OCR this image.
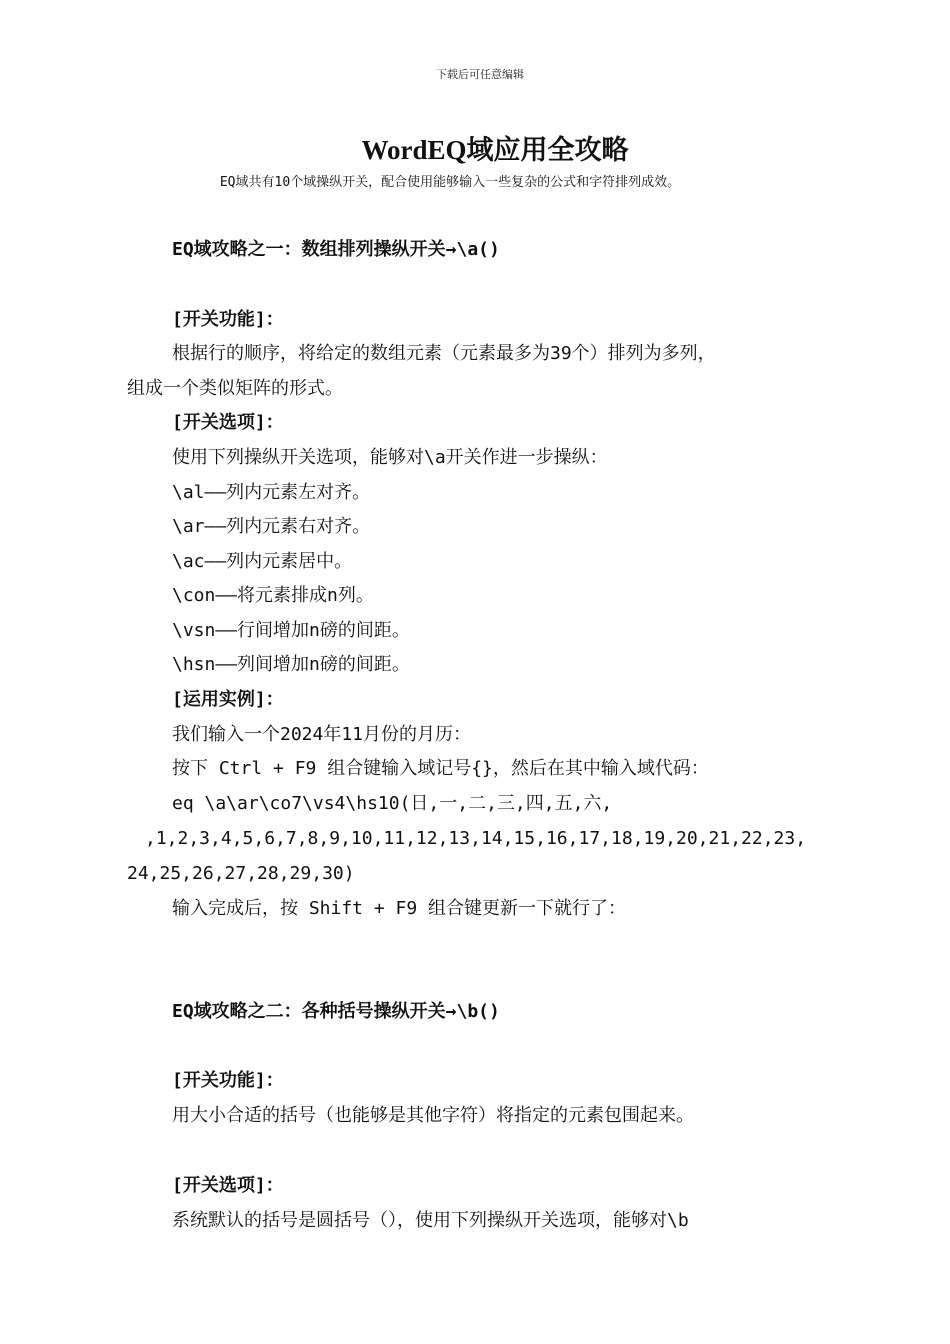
下载后可任意编辑
WordEQ域应用全攻略
EQ域共有10个域操纵开关，配合使用能够输入一些复杂的公式和字符排列成效。
EQ域攻略之一：数组排列操纵开关→\a()
[开关功能]：
根据行的顺序，将给定的数组元素（元素最多为39个）排列为多列，
组成一个类似矩阵的形式。
[开关选项]：
使用下列操纵开关选项，能够对\a开关作进一步操纵：
\al——列内元素左对齐。
\ar——列内元素右对齐。
\ac——列内元素居中。
\con——将元素排成n列。
\vsn——行间增加n磅的间距。
\hsn——列间增加n磅的间距。
[运用实例]：
我们输入一个2024年11月份的月历：
按下 Ctrl + F9 组合键输入域记号{}，然后在其中输入域代码：
eq \a\ar\co7\vs4\hs10(日,一,二,三,四,五,六,
,1,2,3,4,5,6,7,8,9,10,11,12,13,14,15,16,17,18,19,20,21,22,23,
24,25,26,27,28,29,30)
输入完成后，按 Shift + F9 组合键更新一下就行了：
EQ域攻略之二：各种括号操纵开关→\b()
[开关功能]：
用大小合适的括号（也能够是其他字符）将指定的元素包围起来。
[开关选项]：
系统默认的括号是圆括号（），使用下列操纵开关选项，能够对\b
